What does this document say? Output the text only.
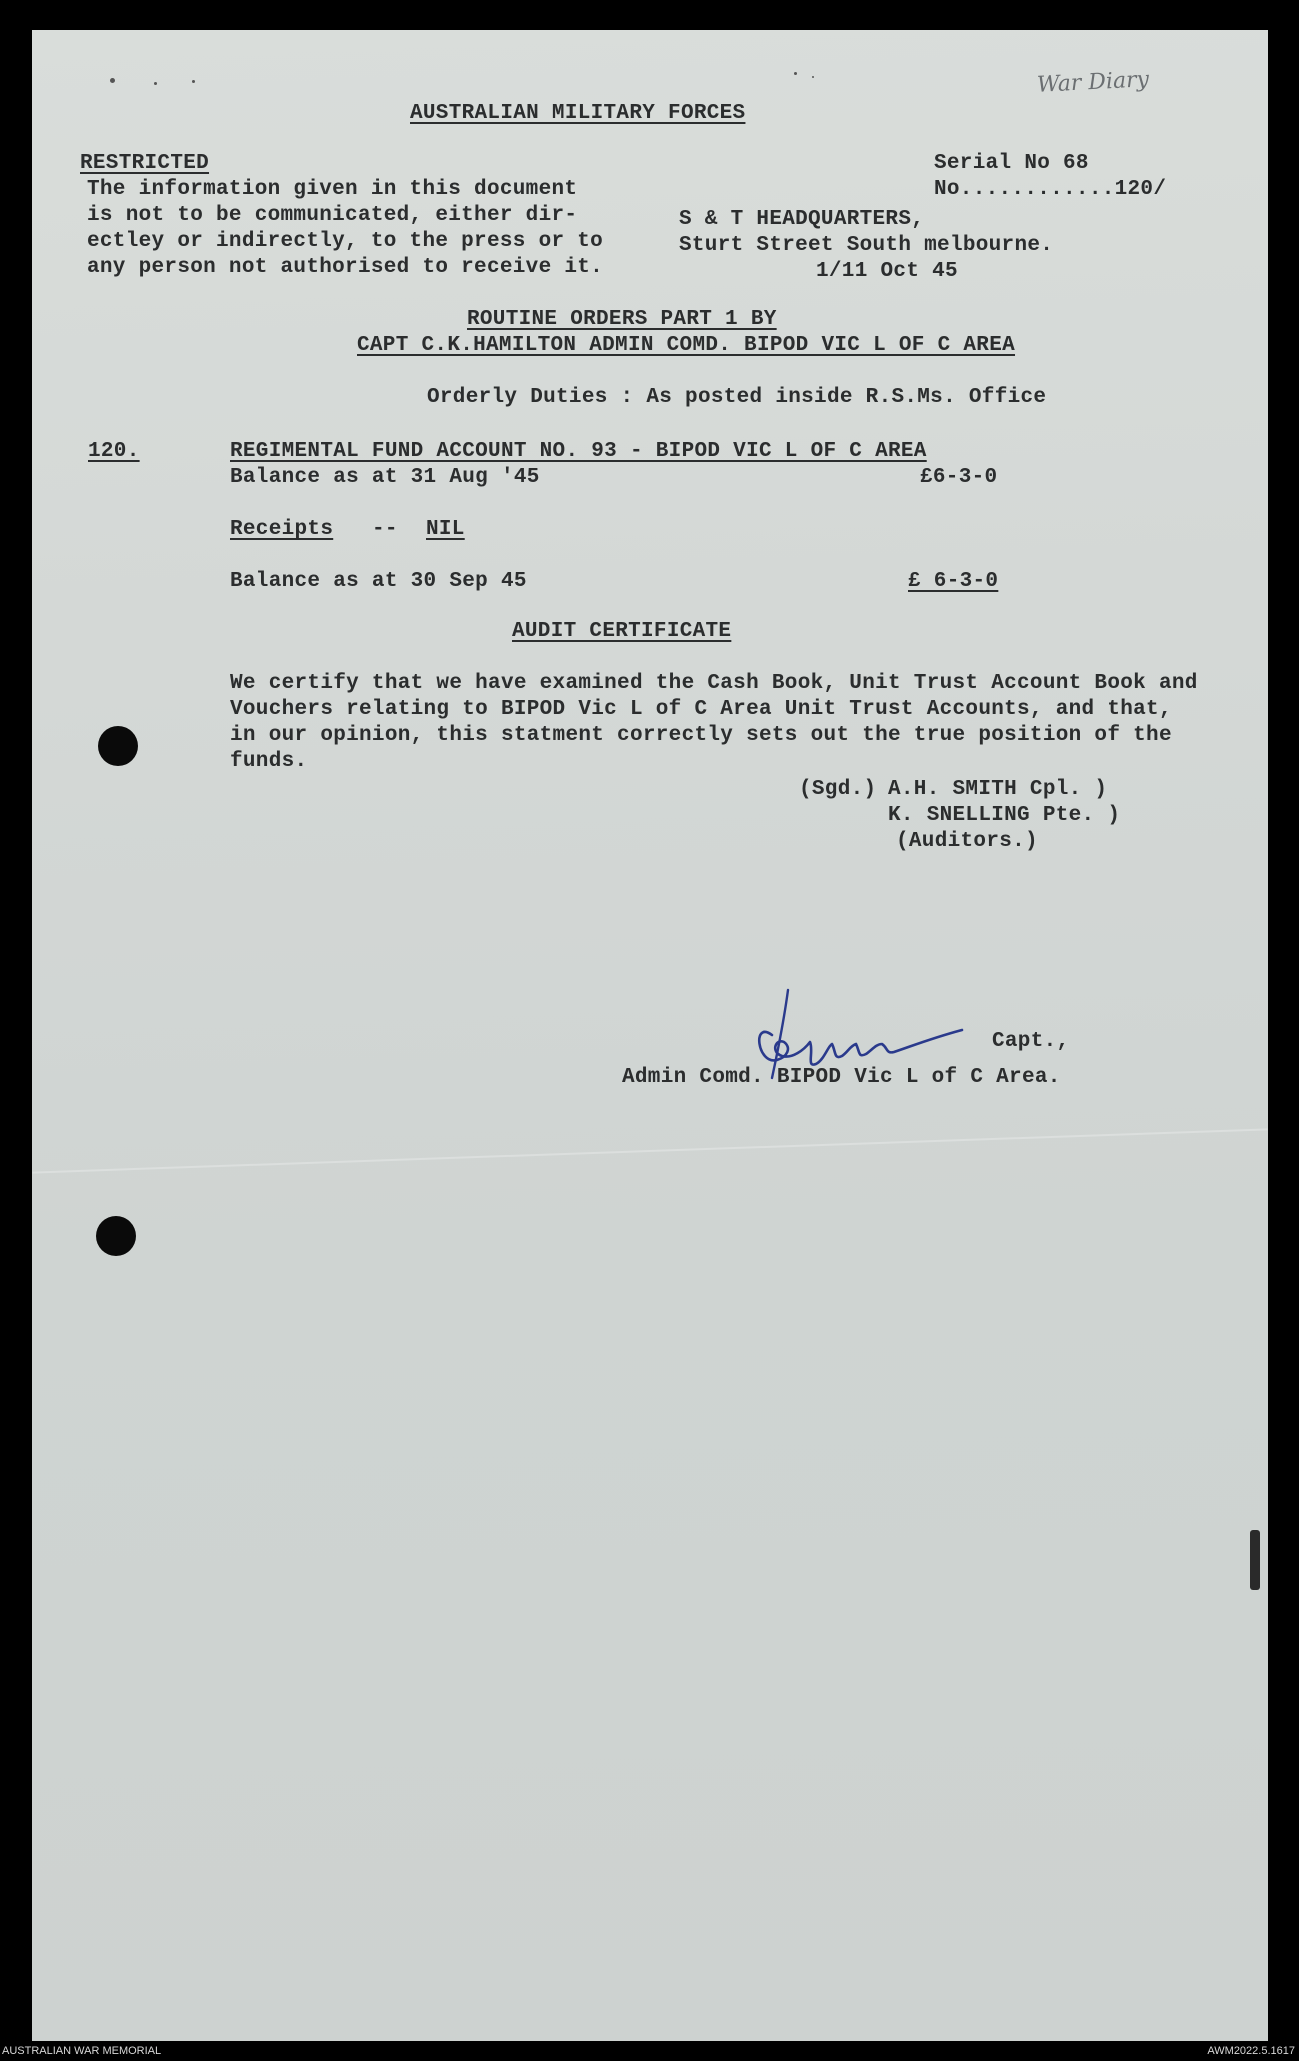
War Diary
AUSTRALIAN MILITARY FORCES
RESTRICTED
The information given in this document
is not to be communicated, either dir-
ectley or indirectly, to the press or to
any person not authorised to receive it.
Serial No 68
No............120/
S & T HEADQUARTERS,
Sturt Street South melbourne.
1/11 Oct 45
ROUTINE ORDERS PART 1 BY
CAPT C.K.HAMILTON ADMIN COMD. BIPOD VIC L OF C AREA
Orderly Duties : As posted inside R.S.Ms. Office
120.	REGIMENTAL FUND ACCOUNT NO. 93 - BIPOD VIC L OF C AREA
Balance as at 31 Aug '45	£6-3-0
Receipts -- NIL
Balance as at 30 Sep 45	£ 6-3-0
AUDIT CERTIFICATE
We certify that we have examined the Cash Book, Unit Trust Account Book and
Vouchers relating to BIPOD Vic L of C Area Unit Trust Accounts, and that,
in our opinion, this statment correctly sets out the true position of the
funds.
(Sgd.) A.H. SMITH Cpl. )
K. SNELLING Pte. )
(Auditors.)
Capt.,
Admin Comd. BIPOD Vic L of C Area.
AUSTRALIAN WAR MEMORIAL	AWM2022.5.1617
